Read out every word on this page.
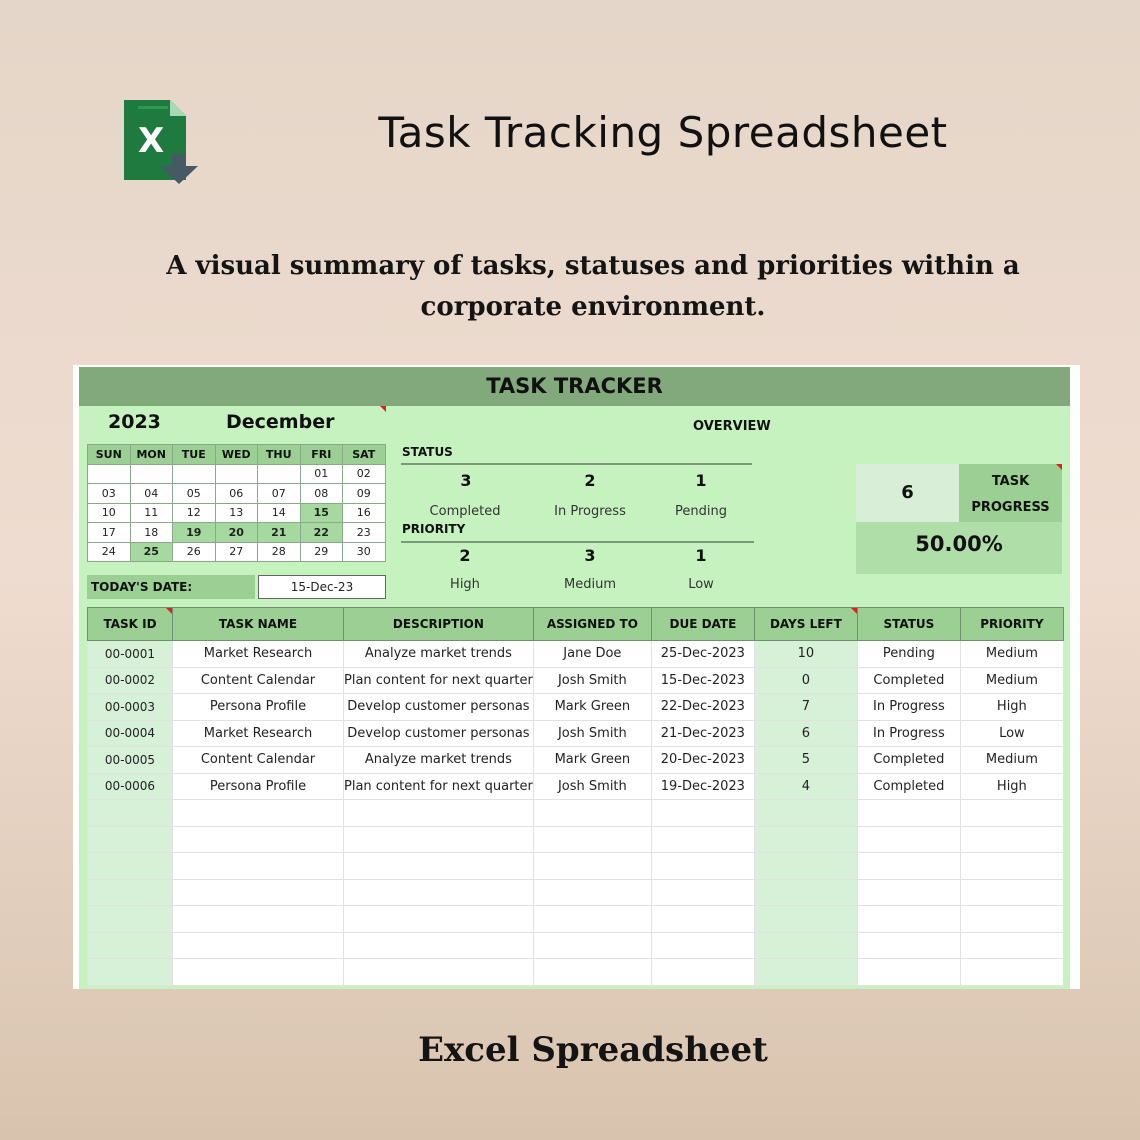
X	Task Tracking Spreadsheet
A visual summary of tasks, statuses and priorities within a corporate environment.
TASK TRACKER
2023	December
SUN	MON	TUE	WED	THU	FRI	SAT
					01	02
03	04	05	06	07	08	09
10	11	12	13	14	15	16
17	18	19	20	21	22	23
24	25	26	27	28	29	30
TODAY'S DATE:	15-Dec-23
OVERVIEW
STATUS
3	2	1
Completed	In Progress	Pending
PRIORITY
2	3	1
High	Medium	Low
6
TASK
PROGRESS
50.00%
TASK ID	TASK NAME	DESCRIPTION	ASSIGNED TO	DUE DATE	DAYS LEFT	STATUS	PRIORITY
00-0001	Market Research	Analyze market trends	Jane Doe	25-Dec-2023	10	Pending	Medium
00-0002	Content Calendar	Plan content for next quarter	Josh Smith	15-Dec-2023	0	Completed	Medium
00-0003	Persona Profile	Develop customer personas	Mark Green	22-Dec-2023	7	In Progress	High
00-0004	Market Research	Develop customer personas	Josh Smith	21-Dec-2023	6	In Progress	Low
00-0005	Content Calendar	Analyze market trends	Mark Green	20-Dec-2023	5	Completed	Medium
00-0006	Persona Profile	Plan content for next quarter	Josh Smith	19-Dec-2023	4	Completed	High

Excel Spreadsheet
